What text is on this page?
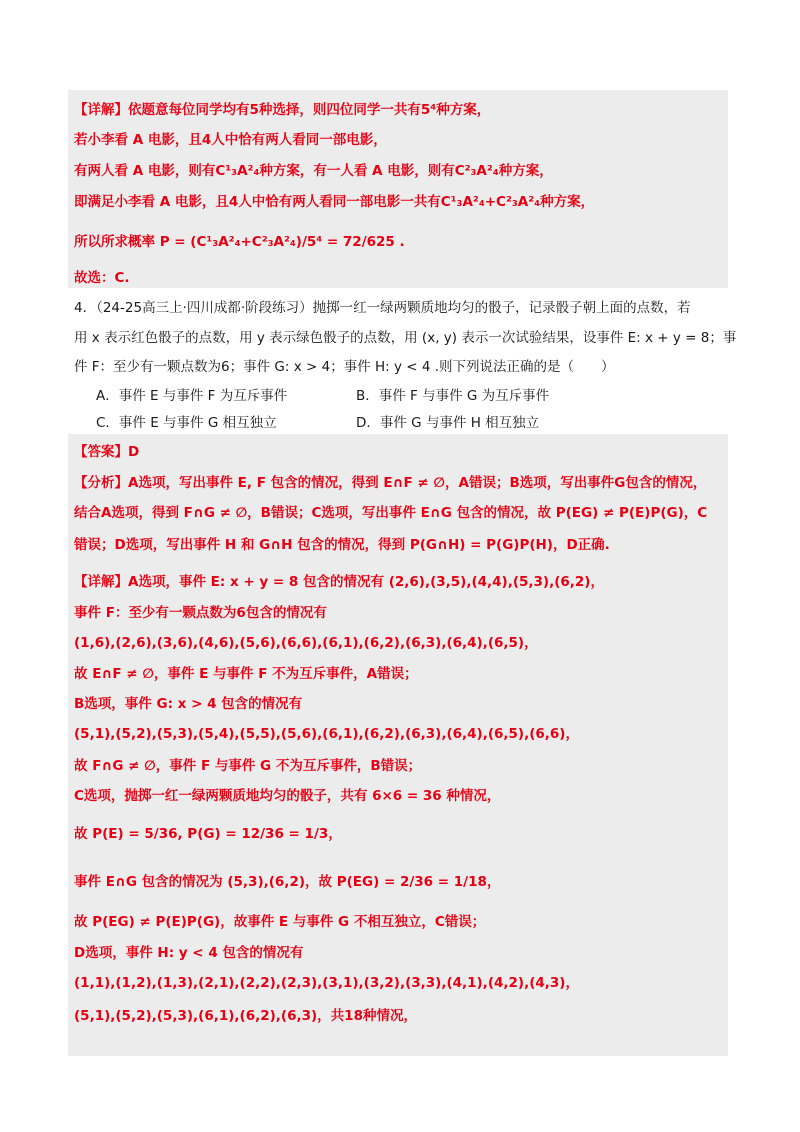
【详解】依题意每位同学均有5种选择，则四位同学一共有5⁴种方案，
若小李看 A 电影，且4人中恰有两人看同一部电影，
有两人看 A 电影，则有C¹₃A²₄种方案，有一人看 A 电影，则有C²₃A²₄种方案，
即满足小李看 A 电影，且4人中恰有两人看同一部电影一共有C¹₃A²₄+C²₃A²₄种方案，
所以所求概率 P = (C¹₃A²₄+C²₃A²₄)/5⁴ = 72/625 .
故选：C.
4．（24-25高三上·四川成都·阶段练习）抛掷一红一绿两颗质地均匀的骰子，记录骰子朝上面的点数，若
用 x 表示红色骰子的点数，用 y 表示绿色骰子的点数，用 (x, y) 表示一次试验结果，设事件 E: x + y = 8；事
件 F：至少有一颗点数为6；事件 G: x > 4；事件 H: y < 4 .则下列说法正确的是（　　）
A．事件 E 与事件 F 为互斥事件	B．事件 F 与事件 G 为互斥事件
C．事件 E 与事件 G 相互独立	D．事件 G 与事件 H 相互独立
【答案】D
【分析】A选项，写出事件 E, F 包含的情况，得到 E∩F ≠ ∅，A错误；B选项，写出事件G包含的情况，
结合A选项，得到 F∩G ≠ ∅，B错误；C选项，写出事件 E∩G 包含的情况，故 P(EG) ≠ P(E)P(G)，C
错误；D选项，写出事件 H 和 G∩H 包含的情况，得到 P(G∩H) = P(G)P(H)，D正确.
【详解】A选项，事件 E: x + y = 8 包含的情况有 (2,6),(3,5),(4,4),(5,3),(6,2)，
事件 F：至少有一颗点数为6包含的情况有
(1,6),(2,6),(3,6),(4,6),(5,6),(6,6),(6,1),(6,2),(6,3),(6,4),(6,5)，
故 E∩F ≠ ∅，事件 E 与事件 F 不为互斥事件，A错误；
B选项，事件 G: x > 4 包含的情况有
(5,1),(5,2),(5,3),(5,4),(5,5),(5,6),(6,1),(6,2),(6,3),(6,4),(6,5),(6,6)，
故 F∩G ≠ ∅，事件 F 与事件 G 不为互斥事件，B错误；
C选项，抛掷一红一绿两颗质地均匀的骰子，共有 6×6 = 36 种情况，
故 P(E) = 5/36, P(G) = 12/36 = 1/3，
事件 E∩G 包含的情况为 (5,3),(6,2)，故 P(EG) = 2/36 = 1/18，
故 P(EG) ≠ P(E)P(G)，故事件 E 与事件 G 不相互独立，C错误；
D选项，事件 H: y < 4 包含的情况有
(1,1),(1,2),(1,3),(2,1),(2,2),(2,3),(3,1),(3,2),(3,3),(4,1),(4,2),(4,3)，
(5,1),(5,2),(5,3),(6,1),(6,2),(6,3)，共18种情况，
